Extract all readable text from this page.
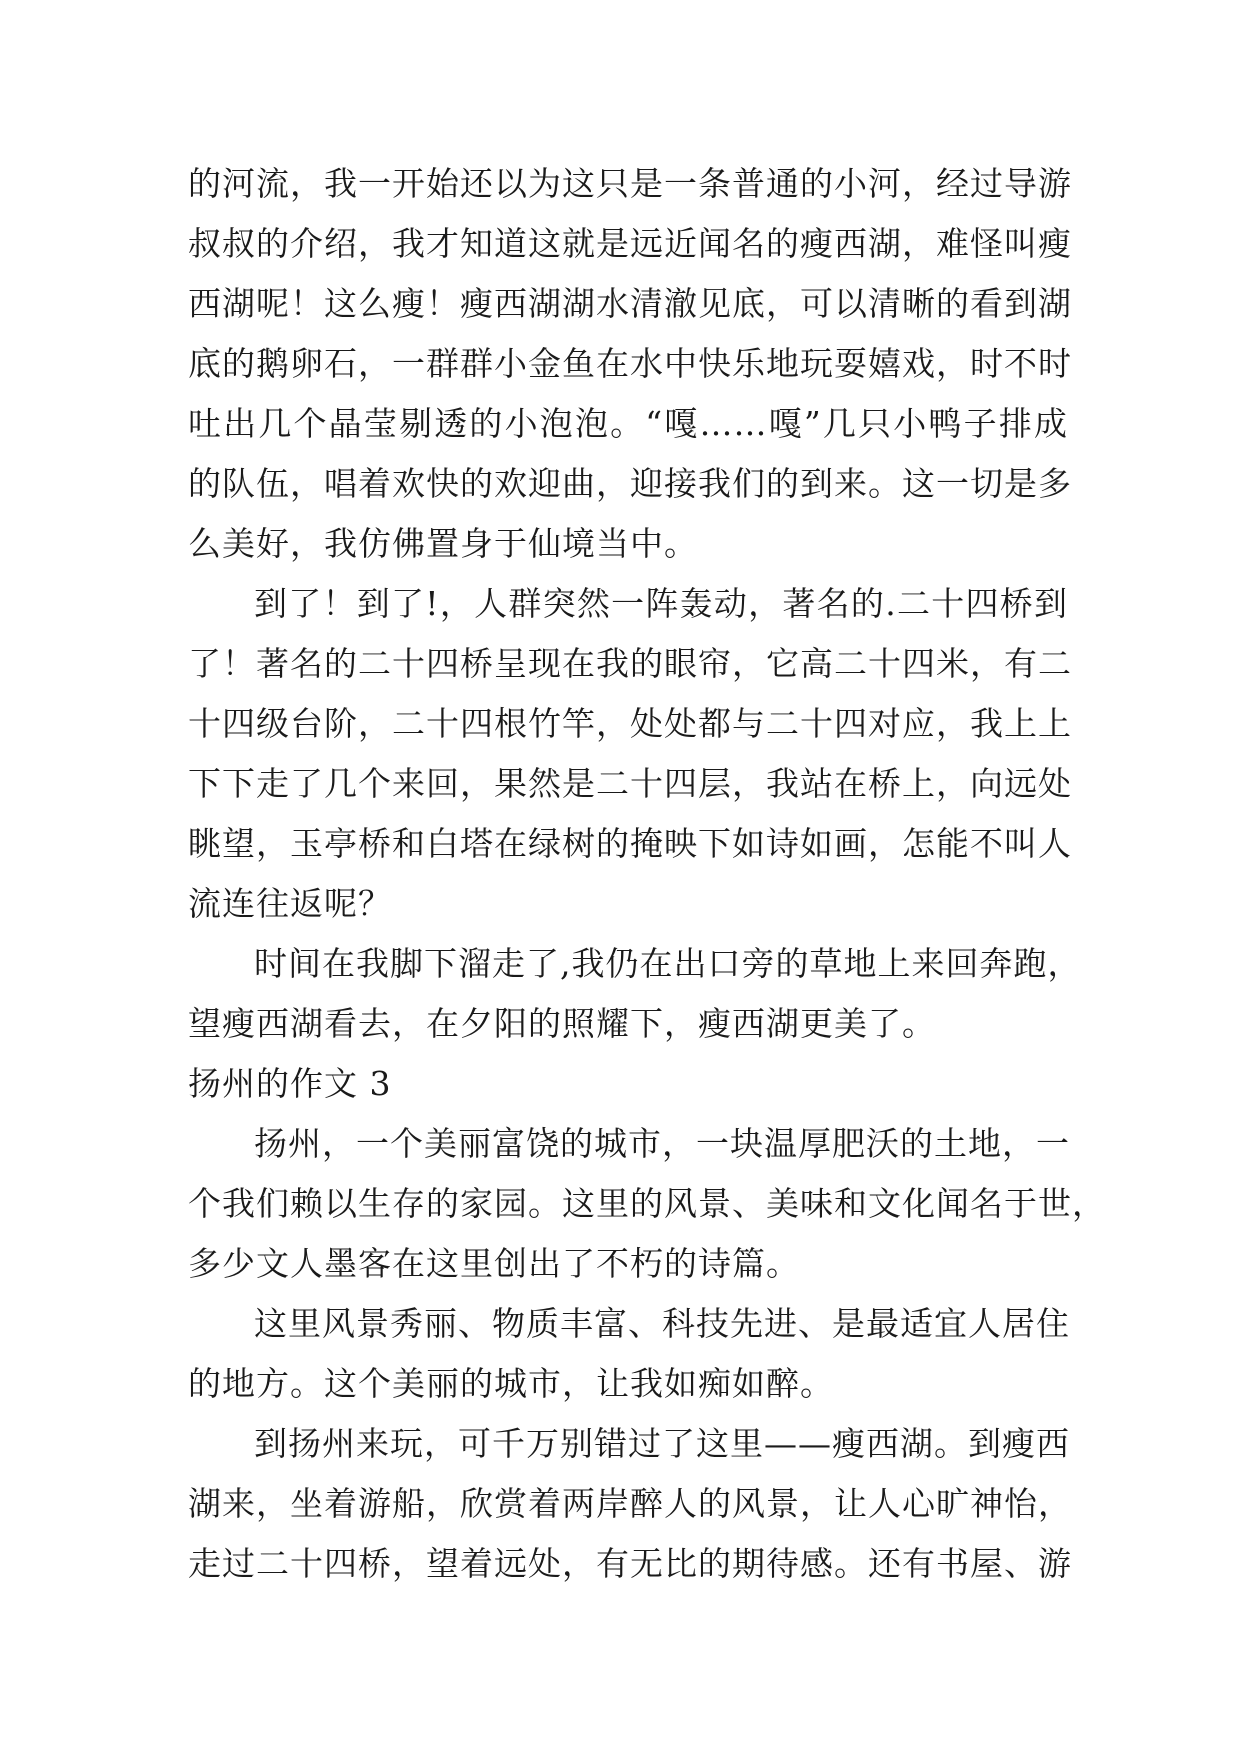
的河流，我一开始还以为这只是一条普通的小河，经过导游
叔叔的介绍，我才知道这就是远近闻名的瘦西湖，难怪叫瘦
西湖呢！这么瘦！瘦西湖湖水清澈见底，可以清晰的看到湖
底的鹅卵石，一群群小金鱼在水中快乐地玩耍嬉戏，时不时
吐出几个晶莹剔透的小泡泡。“嘎……嘎”几只小鸭子排成
的队伍，唱着欢快的欢迎曲，迎接我们的到来。这一切是多
么美好，我仿佛置身于仙境当中。
到了！到了!，人群突然一阵轰动，著名的.二十四桥到
了！著名的二十四桥呈现在我的眼帘，它高二十四米，有二
十四级台阶，二十四根竹竿，处处都与二十四对应，我上上
下下走了几个来回，果然是二十四层，我站在桥上，向远处
眺望，玉亭桥和白塔在绿树的掩映下如诗如画，怎能不叫人
流连往返呢？
时间在我脚下溜走了,我仍在出口旁的草地上来回奔跑，
望瘦西湖看去，在夕阳的照耀下，瘦西湖更美了。
扬州的作文 3
扬州，一个美丽富饶的城市，一块温厚肥沃的土地，一
个我们赖以生存的家园。这里的风景、美味和文化闻名于世，
多少文人墨客在这里创出了不朽的诗篇。
这里风景秀丽、物质丰富、科技先进、是最适宜人居住
的地方。这个美丽的城市，让我如痴如醉。
到扬州来玩，可千万别错过了这里——瘦西湖。到瘦西
湖来，坐着游船，欣赏着两岸醉人的风景，让人心旷神怡，
走过二十四桥，望着远处，有无比的期待感。还有书屋、游
